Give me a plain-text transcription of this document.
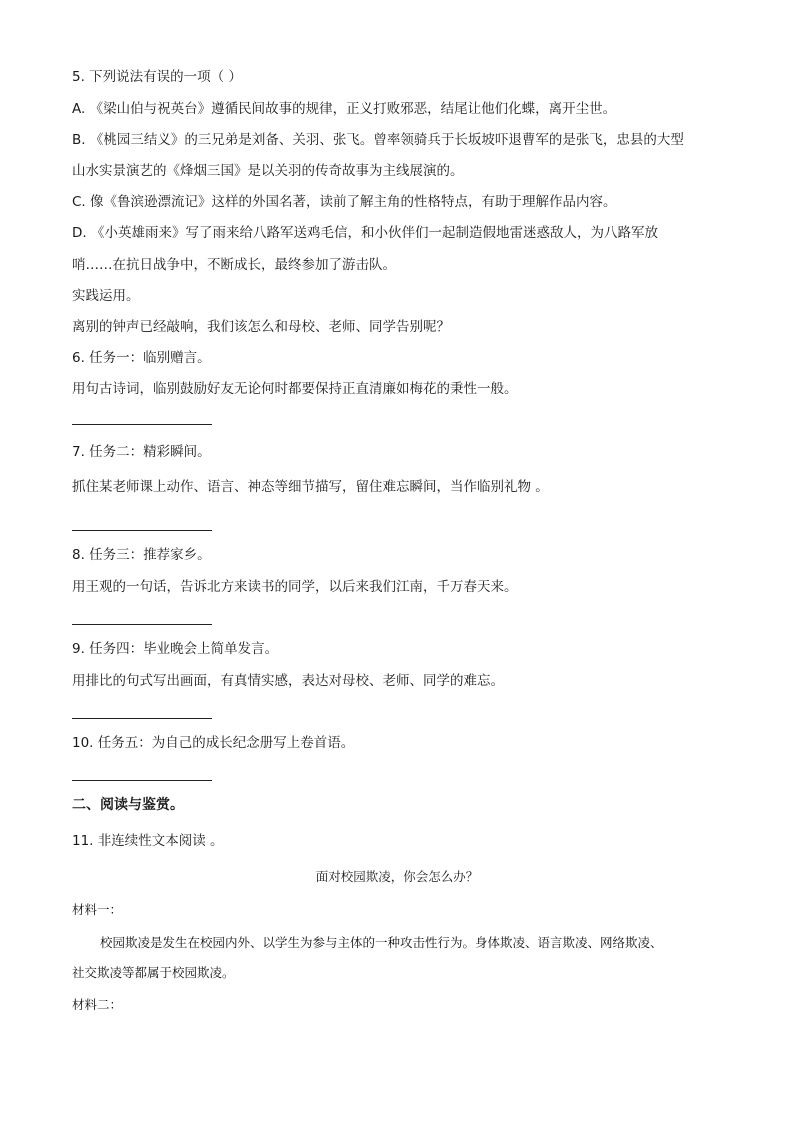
5. 下列说法有误的一项（ ）
A. 《梁山伯与祝英台》遵循民间故事的规律，正义打败邪恶，结尾让他们化蝶，离开尘世。
B. 《桃园三结义》的三兄弟是刘备、关羽、张飞。曾率领骑兵于长坂坡吓退曹军的是张飞，忠县的大型
山水实景演艺的《烽烟三国》是以关羽的传奇故事为主线展演的。
C. 像《鲁滨逊漂流记》这样的外国名著，读前了解主角的性格特点，有助于理解作品内容。
D. 《小英雄雨来》写了雨来给八路军送鸡毛信，和小伙伴们一起制造假地雷迷惑敌人，为八路军放
哨……在抗日战争中，不断成长，最终参加了游击队。
实践运用。
离别的钟声已经敲响，我们该怎么和母校、老师、同学告别呢？
6. 任务一：临别赠言。
用句古诗词，临别鼓励好友无论何时都要保持正直清廉如梅花的秉性一般。
7. 任务二：精彩瞬间。
抓住某老师课上动作、语言、神态等细节描写，留住难忘瞬间，当作临别礼物 。
8. 任务三：推荐家乡。
用王观的一句话，告诉北方来读书的同学，以后来我们江南，千万春天来。
9. 任务四：毕业晚会上简单发言。
用排比的句式写出画面，有真情实感，表达对母校、老师、同学的难忘。
10. 任务五：为自己的成长纪念册写上卷首语。
二、阅读与鉴赏。
11. 非连续性文本阅读 。
面对校园欺凌，你会怎么办？
材料一：
校园欺凌是发生在校园内外、以学生为参与主体的一种攻击性行为。身体欺凌、语言欺凌、网络欺凌、
社交欺凌等都属于校园欺凌。
材料二：
